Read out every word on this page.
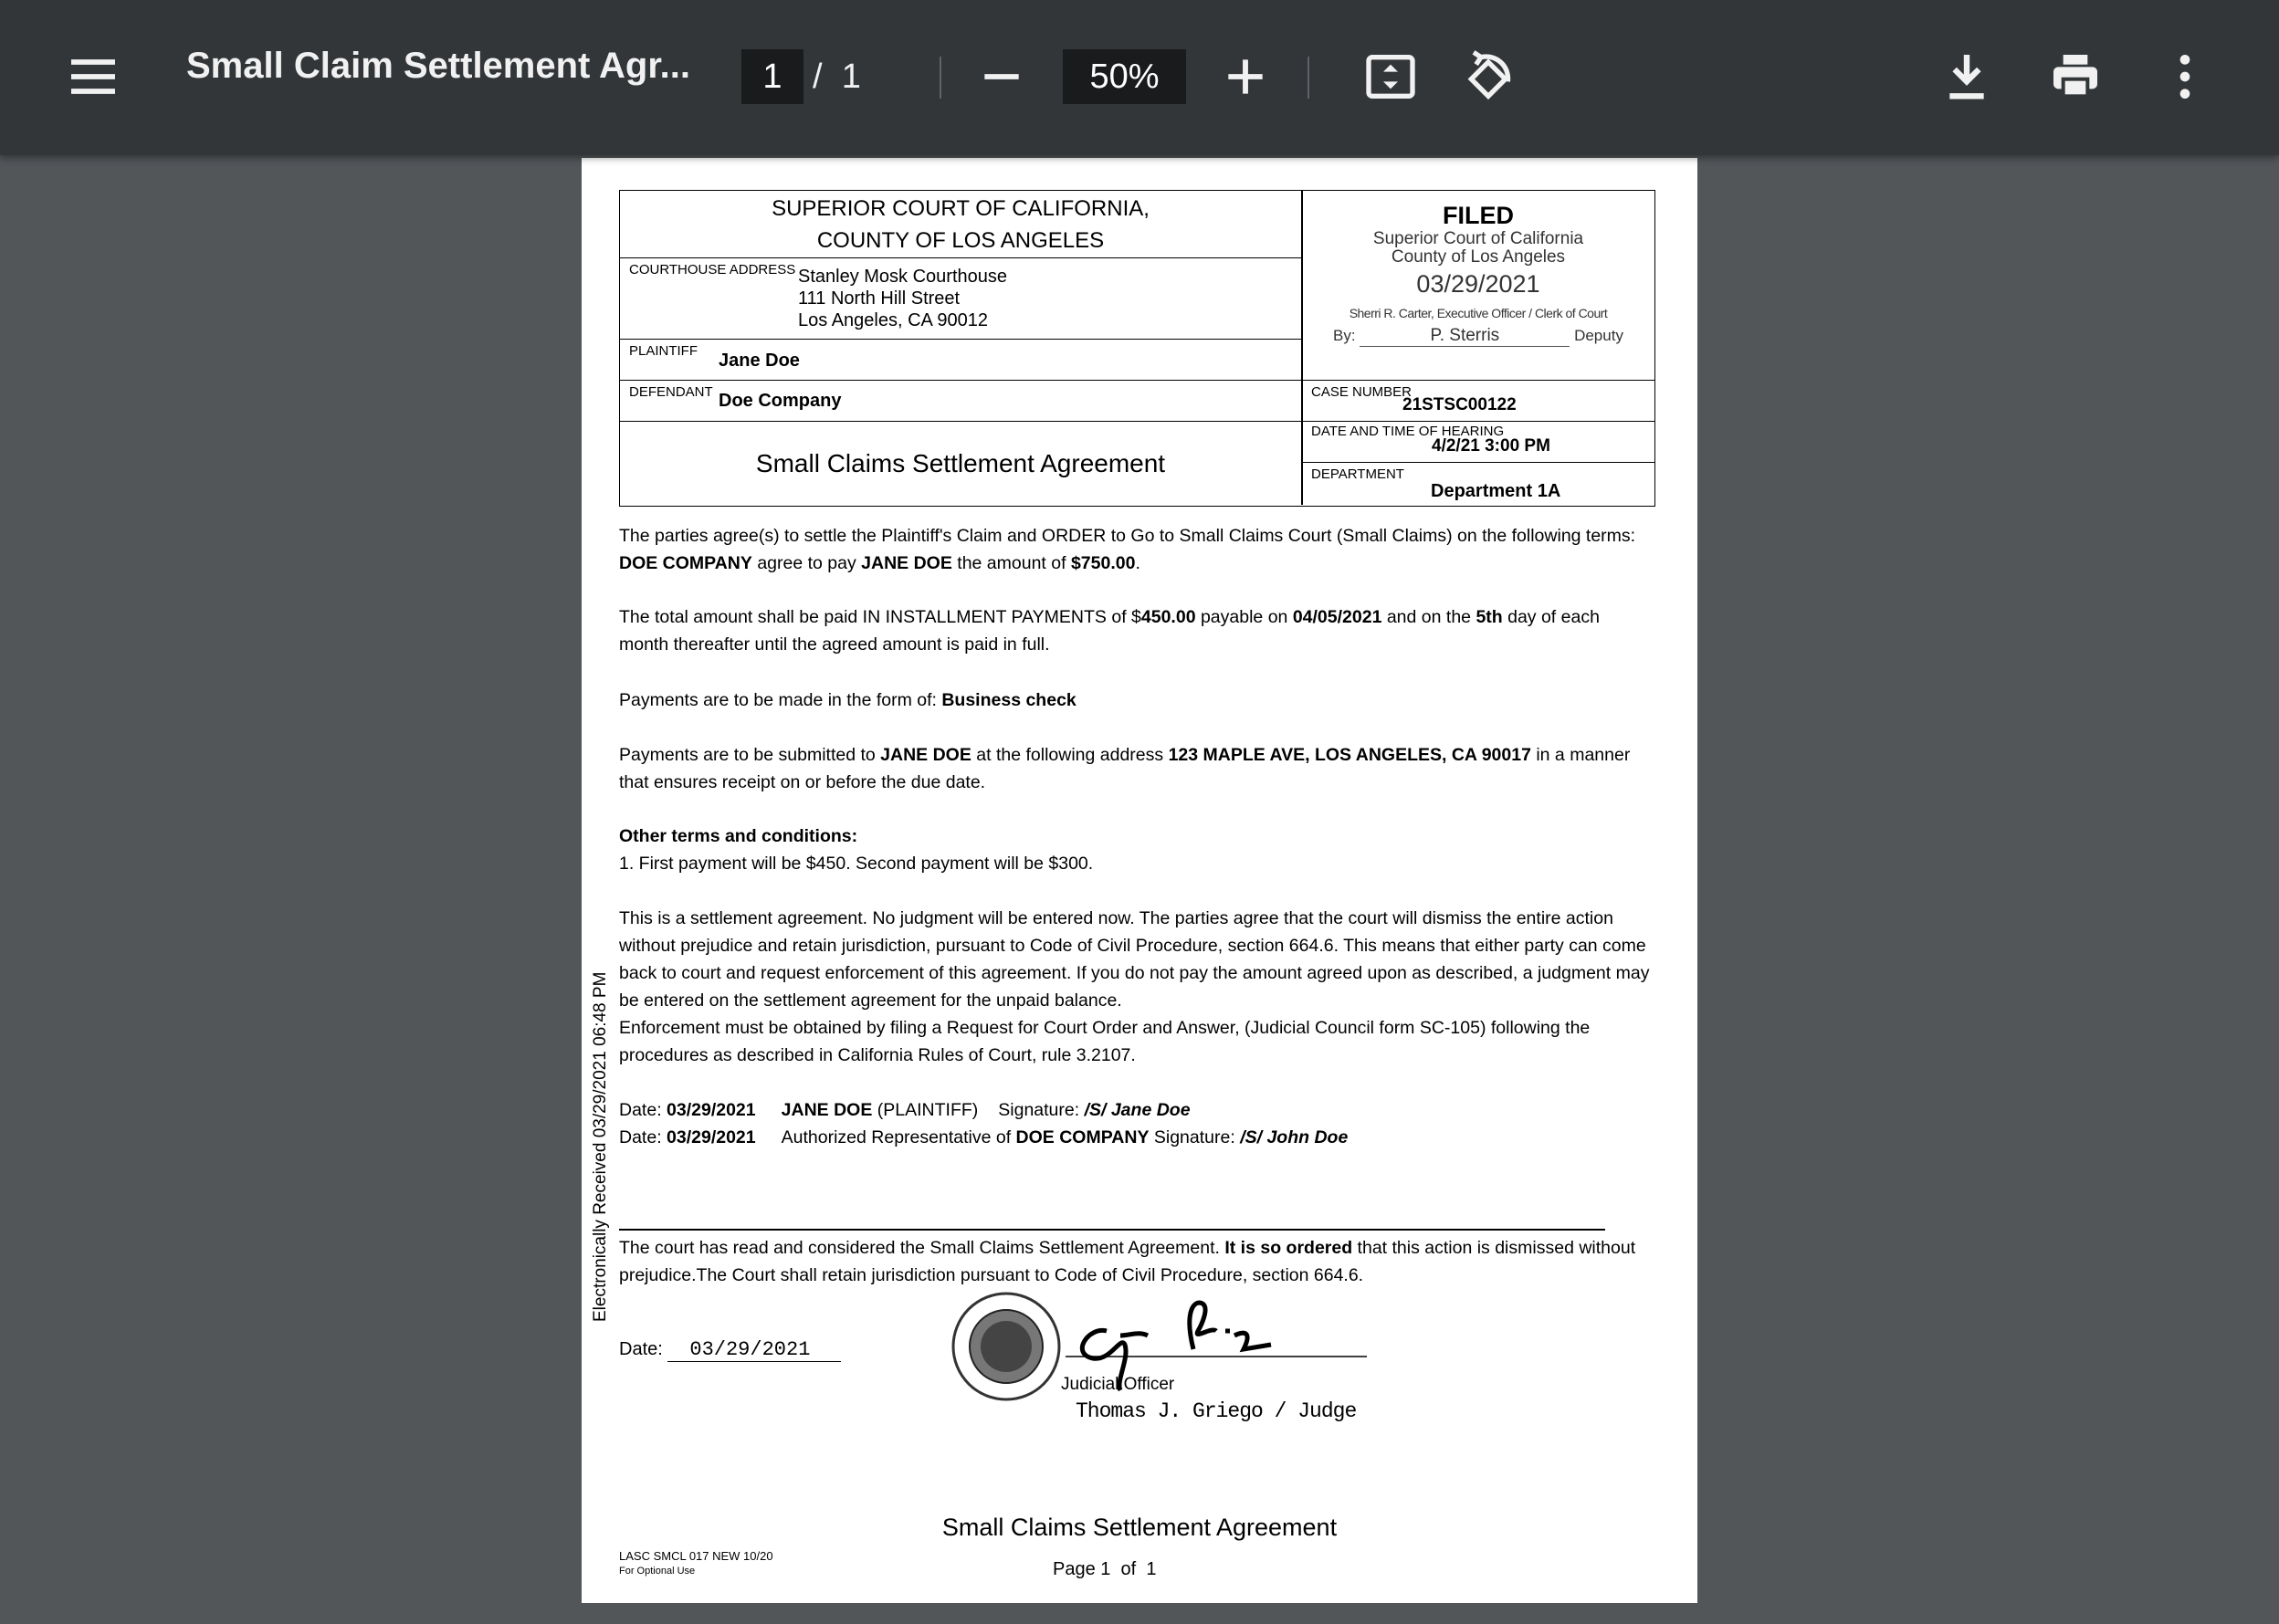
Small Claim Settlement Agr...	1 /
1	50%
SUPERIOR COURT OF CALIFORNIA,
COUNTY OF LOS ANGELES
COURTHOUSE ADDRESS Stanley Mosk Courthouse
111 North Hill Street
Los Angeles, CA 90012
PLAINTIFF Jane Doe
DEFENDANT Doe Company	CASE NUMBER
21STSC00122
Small Claims Settlement Agreement
DATE AND TIME OF HEARING
4/2/21 3:00 PM
DEPARTMENT
Department 1A
FILED
Superior Court of California
County of Los Angeles
03/29/2021
Sherri R. Carter, Executive Officer / Clerk of Court
By:	P. Sterris	Deputy
The parties agree(s) to settle the Plaintiff's Claim and ORDER to Go to Small Claims Court (Small Claims) on the following terms: DOE COMPANY agree to pay JANE DOE the amount of $750.00.
The total amount shall be paid IN INSTALLMENT PAYMENTS of $450.00 payable on 04/05/2021 and on the 5th day of each month thereafter until the agreed amount is paid in full.
Payments are to be made in the form of: Business check
Payments are to be submitted to JANE DOE at the following address 123 MAPLE AVE, LOS ANGELES, CA 90017 in a manner that ensures receipt on or before the due date.
Other terms and conditions:
1. First payment will be $450. Second payment will be $300.
This is a settlement agreement. No judgment will be entered now. The parties agree that the court will dismiss the entire action without prejudice and retain jurisdiction, pursuant to Code of Civil Procedure, section 664.6. This means that either party can come back to court and request enforcement of this agreement. If you do not pay the amount agreed upon as described, a judgment may be entered on the settlement agreement for the unpaid balance.
Enforcement must be obtained by filing a Request for Court Order and Answer, (Judicial Council form SC-105) following the procedures as described in California Rules of Court, rule 3.2107.
Date: 03/29/2021 JANE DOE (PLAINTIFF) Signature: /S/ Jane Doe
Date: 03/29/2021 Authorized Representative of DOE COMPANY Signature: /S/ John Doe
The court has read and considered the Small Claims Settlement Agreement. It is so ordered that this action is dismissed without prejudice.The Court shall retain jurisdiction pursuant to Code of Civil Procedure, section 664.6.
Electronically Received 03/29/2021 06:48 PM
Date: 03/29/2021
Judicial Officer
Thomas J. Griego / Judge
Small Claims Settlement Agreement
LASC SMCL 017 NEW 10/20
For Optional Use	Page 1 of 1
